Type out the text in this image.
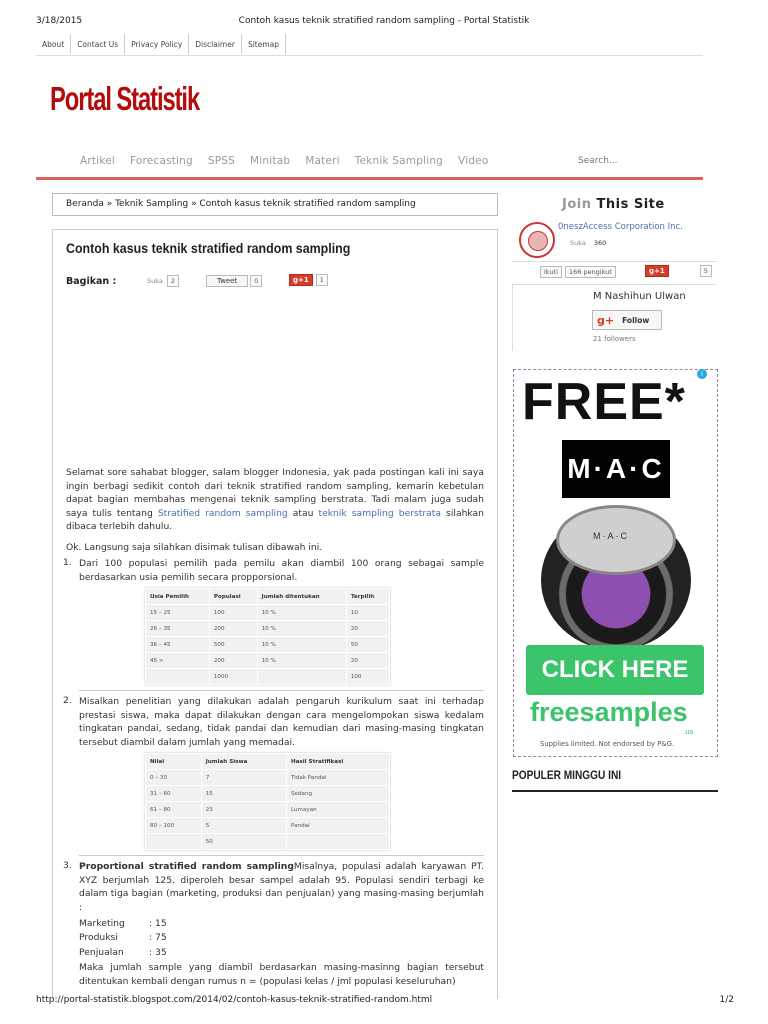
3/18/2015	Contoh kasus teknik stratified random sampling - Portal Statistik
About	Contact Us	Privacy Policy	Disclaimer	Sitemap
Portal Statistik
Artikel Forecasting SPSS Minitab Materi Teknik Sampling Video
Search...
Beranda » Teknik Sampling » Contoh kasus teknik stratified random sampling
Contoh kasus teknik stratified random sampling
Bagikan :	Suka	2	Tweet	0	g+1	1

Selamat sore sahabat blogger, salam blogger Indonesia, yak pada postingan kali ini saya ingin berbagi sedikit contoh dari teknik stratified random sampling, kemarin kebetulan dapat bagian membahas mengenai teknik sampling berstrata. Tadi malam juga sudah saya tulis tentang Stratified random sampling atau teknik sampling berstrata silahkan dibaca terlebih dahulu.

Ok. Langsung saja silahkan disimak tulisan dibawah ini.

1. Dari 100 populasi pemilih pada pemilu akan diambil 100 orang sebagai sample berdasarkan usia pemilih secara propporsional.

Usia Pemilih	Populasi	Jumlah ditentukan	Terpilih
15 – 25	100	10 %	10
26 – 35	200	10 %	20
36 – 45	500	10 %	50
45 >	200	10 %	20
	1000		100
2. Misalkan penelitian yang dilakukan adalah pengaruh kurikulum saat ini terhadap prestasi siswa, maka dapat dilakukan dengan cara mengelompokan siswa kedalam tingkatan pandai, sedang, tidak pandai dan kemudian dari masing-masing tingkatan tersebut diambil dalam jumlah yang memadai.

Nilai	Jumlah Siswa	Hasil Stratifikasi
0 – 30	7	Tidak Pandai
31 – 60	15	Sedang
61 – 80	23	Lumayan
80 – 100	5	Pandai
	50	
3. Proportional stratified random samplingMisalnya, populasi adalah karyawan PT. XYZ berjumlah 125. diperoleh besar sampel adalah 95. Populasi sendiri terbagi ke dalam tiga bagian (marketing, produksi dan penjualan) yang masing-masing berjumlah :

Marketing	: 15
Produksi	: 75
Penjualan	: 35

Maka jumlah sample yang diambil berdasarkan masing-masinng bagian tersebut ditentukan kembali dengan rumus n = (populasi kelas / jml populasi keseluruhan)

Join This Site
0neszAccess Corporation Inc.
Suka 360
Ikuti	166 pengikut	g+1	5
M Nashihun Ulwan
g+ Follow
21 followers
i
FREE*
M·A·C
M·A·C
CLICK HERE
freesamples
.us
Supplies limited. Not endorsed by P&G.
POPULER MINGGU INI
http://portal-statistik.blogspot.com/2014/02/contoh-kasus-teknik-stratified-random.html	1/2
